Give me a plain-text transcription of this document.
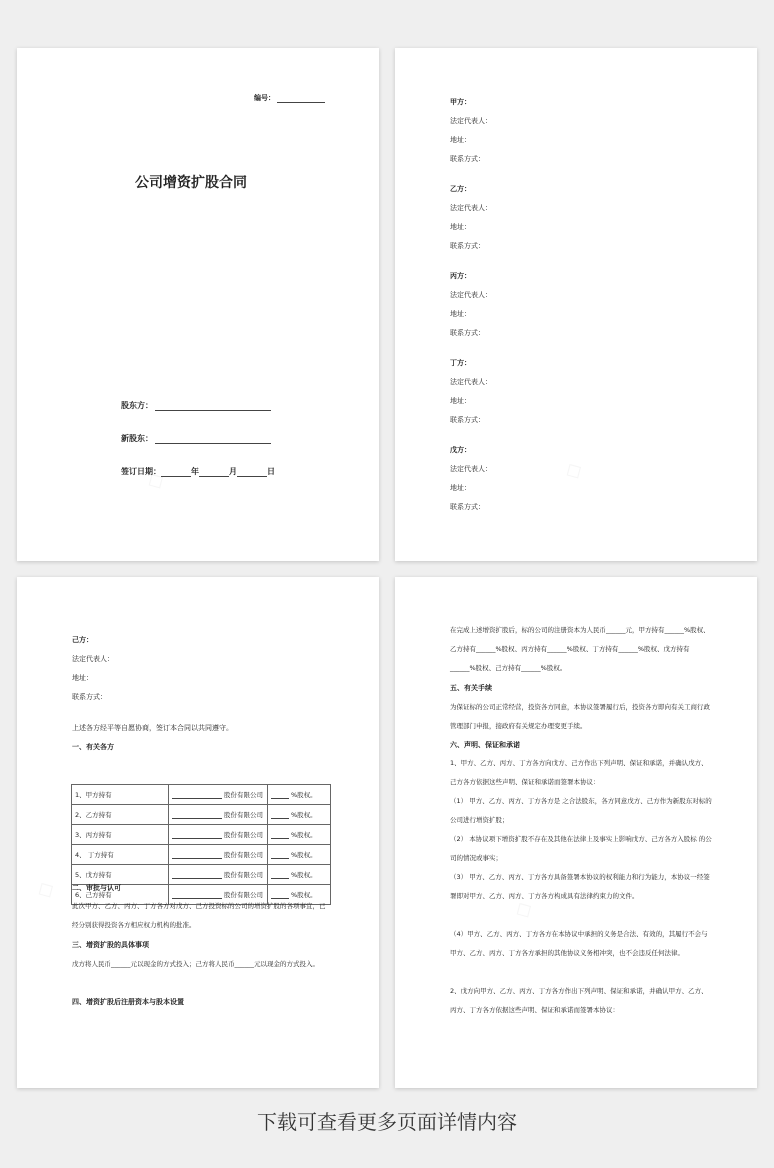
编号：
公司增资扩股合同
股东方：
新股东：
签订日期：	年	月	日
甲方：
法定代表人：
地址：
联系方式：
乙方：
法定代表人：
地址：
联系方式：
丙方：
法定代表人：
地址：
联系方式：
丁方：
法定代表人：
地址：
联系方式：
戊方：
法定代表人：
地址：
联系方式：
己方：
法定代表人：
地址：
联系方式：
上述各方经平等自愿协商，签订本合同以共同遵守。
一、有关各方
1、甲方持有	股份有限公司	%股权。
2、乙方持有	股份有限公司	%股权。
3、丙方持有	股份有限公司	%股权。
4、 丁方持有	股份有限公司	%股权。
5、戊方持有	股份有限公司	%股权。
6、己方持有	股份有限公司	%股权。
二、审批与认可
此次甲方、乙方、丙方、丁方各方对戊方、己方投资标的公司的增资扩股的各项事宜，已经分别获得投资各方相应权力机构的批准。
三、增资扩股的具体事项
戊方将人民币______元以现金的方式投入；己方将人民币______元以现金的方式投入。
四、增资扩股后注册资本与股本设置
在完成上述增资扩股后，标的公司的注册资本为人民币______元，甲方持有______%股权、乙方持有______%股权、丙方持有______%股权、丁方持有______%股权、戊方持有______%股权、己方持有______%股权。
五、有关手续
为保证标的公司正常经营，投资各方同意，本协议签署履行后，投资各方即向有关工商行政管理部门申报，接政府有关规定办理变更手续。
六、声明、保证和承诺
1、甲方、乙方、丙方、丁方各方向戊方、己方作出下列声明、保证和承诺，并确认戊方、己方各方依据这些声明、保证和承诺而签署本协议：
（1） 甲方、乙方、丙方、丁方各方是 之合法股东，各方同意戊方、己方作为新股东对标的公司进行增资扩股；
（2） 本协议项下增资扩股不存在及其他在法律上及事实上影响戊方、己方各方入股标 的公司的情况或事实；
（3） 甲方、乙方、丙方、丁方各方具备签署本协议的权利能力和行为能力，本协议一经签署即对甲方、乙方、丙方、丁方各方构成具有法律约束力的文件。
（4）甲方、乙方、丙方、丁方各方在本协议中承担的义务是合法、有效的，其履行不会与甲方、乙方、丙方、丁方各方承担的其他协议义务相冲突，也不会违反任何法律。
2、戊方向甲方、乙方、丙方、丁方各方作出下列声明、保证和承诺，并确认甲方、乙方、 丙方、丁方各方依据这些声明、保证和承诺而签署本协议：
下载可查看更多页面详情内容
